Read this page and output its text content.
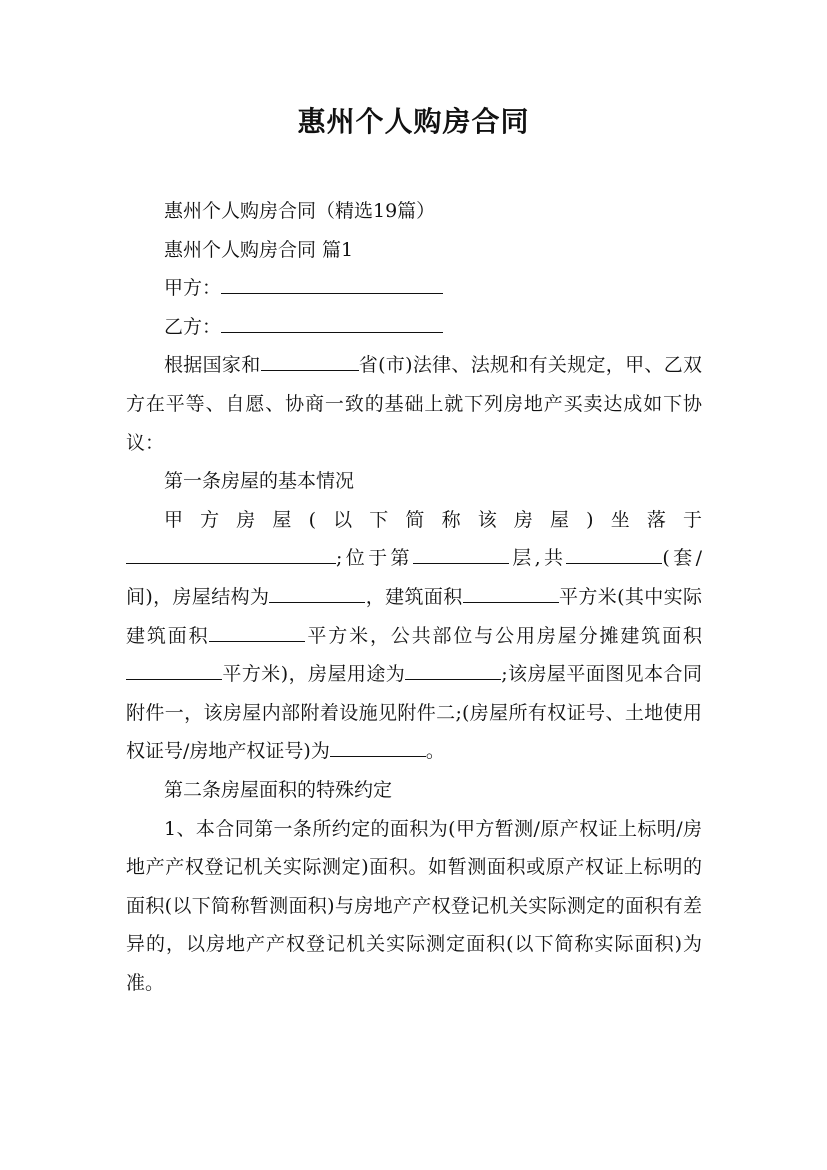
惠州个人购房合同

惠州个人购房合同（精选19篇）

惠州个人购房合同 篇1

甲方：

乙方：

根据国家和	省(市)法律、法规和有关规定，甲、乙双方在平等、自愿、协商一致的基础上就下列房地产买卖达成如下协议：

第一条房屋的基本情况

甲方房屋(以下简称该房屋)坐落于

;位于第	层,共	(套/间)，房屋结构为	，建筑面积	平方米(其中实际建筑面积	平方米，公共部位与公用房屋分摊建筑面积平方米)，房屋用途为	;该房屋平面图见本合同附件一，该房屋内部附着设施见附件二;(房屋所有权证号、土地使用权证号/房地产权证号)为	。

第二条房屋面积的特殊约定

1、本合同第一条所约定的面积为(甲方暂测/原产权证上标明/房地产产权登记机关实际测定)面积。如暂测面积或原产权证上标明的面积(以下简称暂测面积)与房地产产权登记机关实际测定的面积有差异的，以房地产产权登记机关实际测定面积(以下简称实际面积)为准。
